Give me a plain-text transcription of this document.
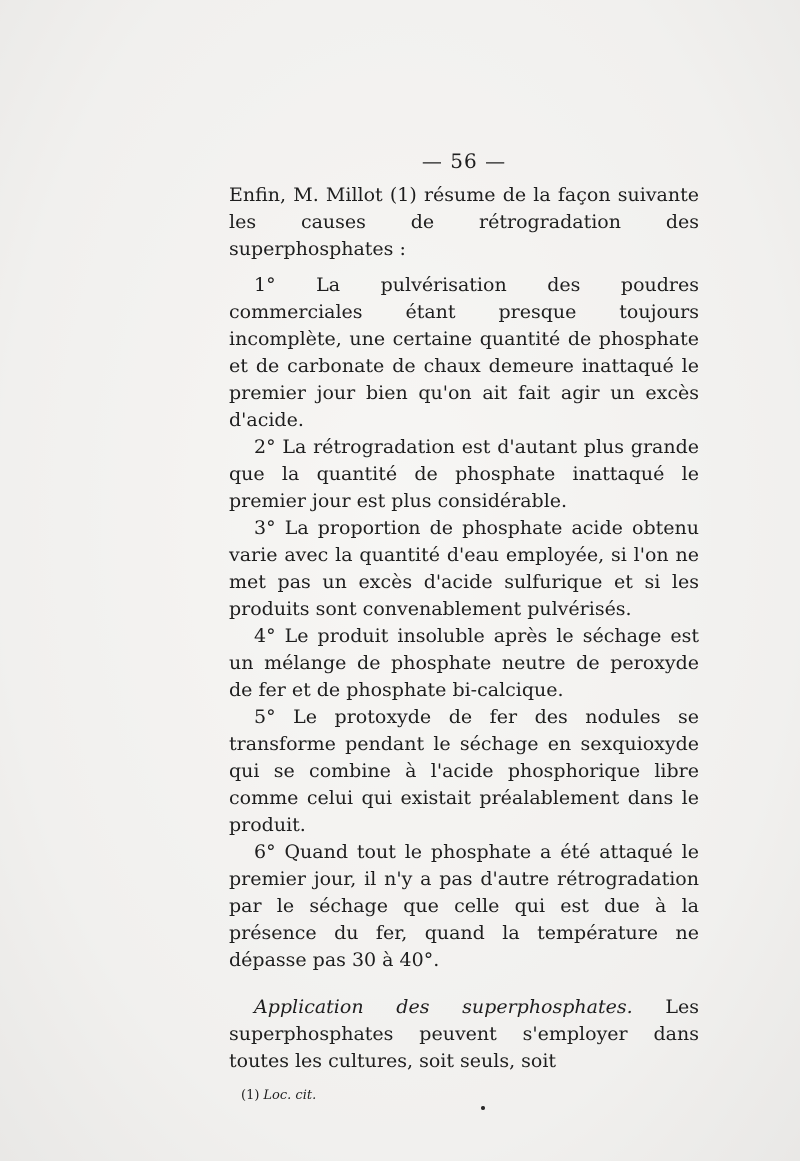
— 56 —

Enfin, M. Millot (1) résume de la façon suivante les causes de rétrogradation des superphosphates :

1° La pulvérisation des poudres commerciales étant presque toujours incomplète, une certaine quantité de phosphate et de carbonate de chaux demeure inattaqué le premier jour bien qu'on ait fait agir un excès d'acide.

2° La rétrogradation est d'autant plus grande que la quantité de phosphate inattaqué le premier jour est plus considérable.

3° La proportion de phosphate acide obtenu varie avec la quantité d'eau employée, si l'on ne met pas un excès d'acide sulfurique et si les produits sont convenablement pulvérisés.

4° Le produit insoluble après le séchage est un mélange de phosphate neutre de peroxyde de fer et de phosphate bi-calcique.

5° Le protoxyde de fer des nodules se transforme pendant le séchage en sexquioxyde qui se combine à l'acide phosphorique libre comme celui qui existait préalablement dans le produit.

6° Quand tout le phosphate a été attaqué le premier jour, il n'y a pas d'autre rétrogradation par le séchage que celle qui est due à la présence du fer, quand la température ne dépasse pas 30 à 40°.

Application des superphosphates. Les superphosphates peuvent s'employer dans toutes les cultures, soit seuls, soit

(1) Loc. cit.
